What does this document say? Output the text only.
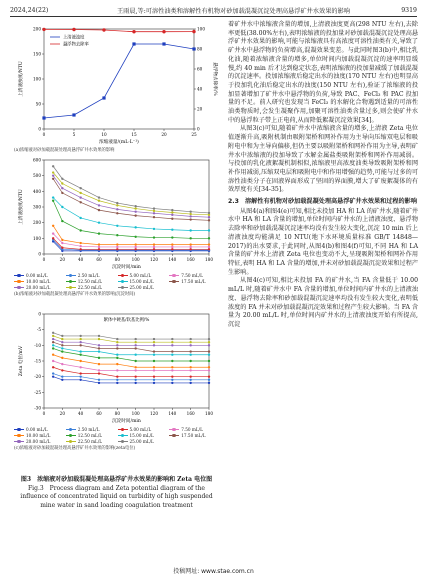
2024,24(22)	王雨晨,等:可溶性油类和溶解性有机物对砂加载混凝沉淀处理高悬浮矿井水效果的影响	9319
0
50
100
150
200
0
20
40
60
80
100
0	5	10	15	20	25
浓缩液量/(mL·L⁻¹)
上清液浊度/NTU	悬浮物去除率/%
上清液浊度
悬浮物去除率
(a)浓缩液对砂加载混凝处理高悬浮矿井水效果的影响
0
100
200
300
400
500
600
0	20	40	60	80	100 120 140 160 180
沉淀时间/min
上清液浊度/NTU
0.00 mL/L	2.50 mL/L	5.00 mL/L	7.50 mL/L
10.00 mL/L	12.50 mL/L	15.00 mL/L	17.50 mL/L
20.00 mL/L	22.50 mL/L	25.00 mL/L
(b)浓缩液对砂加载混凝处理高悬浮矿井水效果的影响(沉淀时间)
-30
-25
-20
-15
-10
-5
0
0	20	40	60	80	100 120 140 160 180
沉淀时间/min
Zeta 电位/mV
絮体中硬基/软基比例/%
0.00 mL/L	2.50 mL/L	5.00 mL/L	7.50 mL/L
10.00 mL/L	12.50 mL/L	15.00 mL/L	17.50 mL/L
20.00 mL/L	22.50 mL/L	25.00 mL/L
(c)浓缩液对砂加载混凝处理高悬浮矿井水效果的影响(zeta电位)
图3　浓缩液对砂加载混凝处理高悬浮矿井水效果的影响和 Zeta 电位图
Fig.3　Process diagram and Zeta potential diagram of the influence of concentrated liquid on turbidity of high suspended mine water in sand loading coagulation treatment

着矿井水中浓缩液含量的增加,上清液浊度更高(298 NTU 左右),去除率更低(38.00%左右),表明浓缩液的投加量对砂加载混凝沉淀处理高悬浮矿井水效果的影响,可能与浓缩液具有高浓度可溶性油类有关,导致了矿井水中悬浮物的负荷增高,混凝效果变差。与此同时图3(b)中,相比乳化油,随着浓缩液含量的增多,单位时间内加载混凝沉淀的速率明显缓慢,约 40 min 后才达到稳定状态,表明浓缩液的投加量减缓了加载混凝的沉淀速率。投加浓缩液后稳定出水的浊度(170 NTU 左右)也明显高于投加乳化油后稳定出水的浊度(150 NTU 左右),验证了浓缩液的投加显著增加了矿井水中悬浮物的负荷,导致 PAC、FeCl₃ 和 PAC 投加量的不足。前人研究也发现当 FeCl₃ 的水解化合物遇到适量的可溶性油类物质时,会发生凝聚作用,加聚可溶性油类含量过多,则会使矿井水中的悬浮粒子带上正电荷,从而降低絮凝沉淀效果[34]。

从图3(c)可知,随着矿井水中浓缩液含量的增多,上清液 Zeta 电位值逐渐升高,吸附机制由吸附架桥和网补作用为主导向压缩双电层和吸附电中和为主导向偏移,但仍主要以吸附架桥和网补作用为主导,表明矿井水中浓缩液的投加导致了水解金属盐类吸附架桥和网补作用减弱。与投加的乳化液絮凝机制相似,浓缩液里高浓度油类导致吸附架桥和网补作用减弱,压缩双电层和吸附电中和作用增强的趋势,可能与过多的可溶性油类分子在固液界面形成了坚固的界面膜,增大了矿废絮凝体的有效厚度有关[34-35]。

2.3　溶解性有机物对砂加载混凝处理高悬浮矿井水效果和过程的影响

从图4(a)和图4(e)可知,相比未投加 HA 和 LA 的矿井水,随着矿井水中 HA 和 LA 含量的增加,单位时间内矿井水的上清液浊度、悬浮物去除率和砂加载混凝沉淀速率均没有发生较大变化,沉淀 10 min 后上清液浊度均能满足 10 NTU(地下水环境质量标准 GB/T 14848—2017)的出水要求,于此同时,从图4(b)和图4(f)可知,不同 HA 和 LA 含量的矿井水上清液 Zeta 电位也变动不大,呈现吸附架桥和网补作用特征,表明 HA 和 LA 含量的增加,并未对砂加载混凝沉淀效果和过程产生影响。

从图4(c)可知,相比未投加 FA 的矿井水,当 FA 含量低于 10.00 mL/L 时,随着矿井水中 FA 含量的增加,单位时间内矿井水的上清液浊度、悬浮物去除率和砂加载混凝沉淀速率均没有发生较大变化,表明低浓度的 FA 并未对砂加载混凝沉淀效果和过程产生较大影响。当 FA 含量为 20.00 mL/L 时,单位时间内矿井水的上清液浊度开始有所提高,沉淀

投稿网址: www.stae.com.cn
